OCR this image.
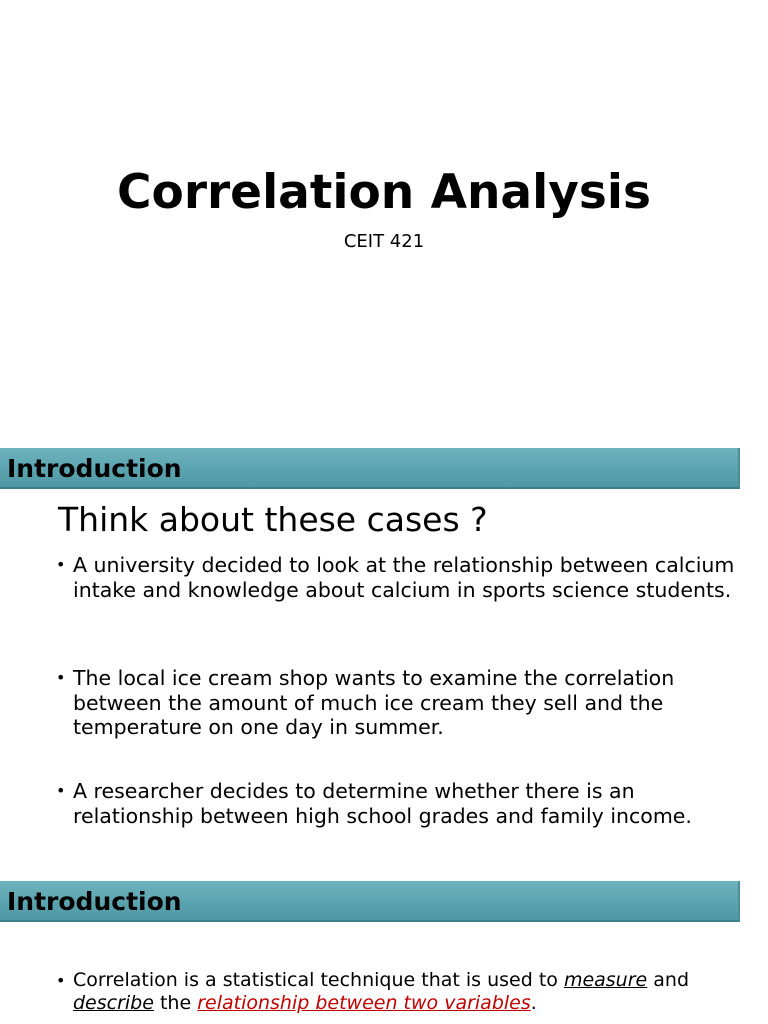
Correlation Analysis
CEIT 421
Introduction
Think about these cases ?
• A university decided to look at the relationship between calcium intake and knowledge about calcium in sports science students.
• The local ice cream shop wants to examine the correlation between the amount of much ice cream they sell and the temperature on one day in summer.
• A researcher decides to determine whether there is an relationship between high school grades and family income.
Introduction
• Correlation is a statistical technique that is used to measure and describe the relationship between two variables.
